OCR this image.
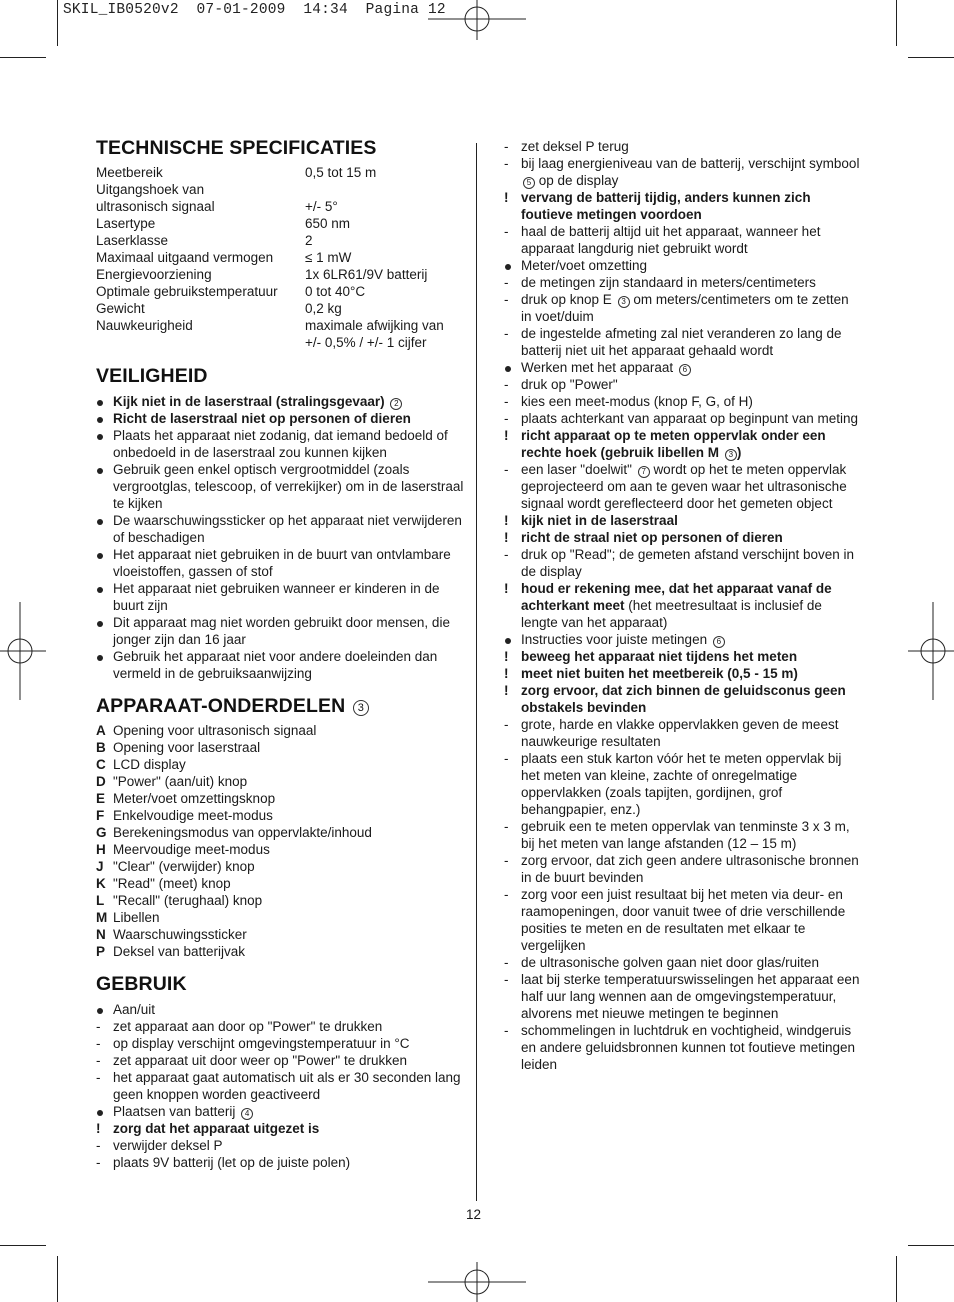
SKIL_IB0520v2  07-01-2009  14:34  Pagina 12
TECHNISCHE SPECIFICATIES
Meetbereik	0,5 tot 15 m
Uitgangshoek van
ultrasonisch signaal	+/- 5°
Lasertype	650 nm
Laserklasse	2
Maximaal uitgaand vermogen	≤ 1 mW
Energievoorziening	1x 6LR61/9V batterij
Optimale gebruikstemperatuur	0 tot 40°C
Gewicht	0,2 kg
Nauwkeurigheid	maximale afwijking van
+/- 0,5% / +/- 1 cijfer
VEILIGHEID
Kijk niet in de laserstraal (stralingsgevaar) 2
Richt de laserstraal niet op personen of dieren
Plaats het apparaat niet zodanig, dat iemand bedoeld of onbedoeld in de laserstraal zou kunnen kijken
Gebruik geen enkel optisch vergrootmiddel (zoals vergrootglas, telescoop, of verrekijker) om in de laserstraal te kijken
De waarschuwingssticker op het apparaat niet verwijderen of beschadigen
Het apparaat niet gebruiken in de buurt van ontvlambare vloeistoffen, gassen of stof
Het apparaat niet gebruiken wanneer er kinderen in de buurt zijn
Dit apparaat mag niet worden gebruikt door mensen, die jonger zijn dan 16 jaar
Gebruik het apparaat niet voor andere doeleinden dan vermeld in de gebruiksaanwijzing
APPARAAT-ONDERDELEN 3
A Opening voor ultrasonisch signaal
B Opening voor laserstraal
C LCD display
D "Power" (aan/uit) knop
E Meter/voet omzettingsknop
F Enkelvoudige meet-modus
G Berekeningsmodus van oppervlakte/inhoud
H Meervoudige meet-modus
J "Clear" (verwijder) knop
K "Read" (meet) knop
L "Recall" (terughaal) knop
M Libellen
N Waarschuwingssticker
P Deksel van batterijvak
GEBRUIK
Aan/uit
- zet apparaat aan door op "Power" te drukken
- op display verschijnt omgevingstemperatuur in °C
- zet apparaat uit door weer op "Power" te drukken
- het apparaat gaat automatisch uit als er 30 seconden lang geen knoppen worden geactiveerd
Plaatsen van batterij 4
! zorg dat het apparaat uitgezet is
- verwijder deksel P
- plaats 9V batterij (let op de juiste polen)
- zet deksel P terug
- bij laag energieniveau van de batterij, verschijnt symbool 5 op de display
! vervang de batterij tijdig, anders kunnen zich foutieve metingen voordoen
- haal de batterij altijd uit het apparaat, wanneer het apparaat langdurig niet gebruikt wordt
Meter/voet omzetting
- de metingen zijn standaard in meters/centimeters
- druk op knop E 3 om meters/centimeters om te zetten in voet/duim
- de ingestelde afmeting zal niet veranderen zo lang de batterij niet uit het apparaat gehaald wordt
Werken met het apparaat 6
- druk op "Power"
- kies een meet-modus (knop F, G, of H)
- plaats achterkant van apparaat op beginpunt van meting
! richt apparaat op te meten oppervlak onder een rechte hoek (gebruik libellen M 3 )
- een laser "doelwit" 7 wordt op het te meten oppervlak geprojecteerd om aan te geven waar het ultrasonische signaal wordt gereflecteerd door het gemeten object
! kijk niet in de laserstraal
! richt de straal niet op personen of dieren
- druk op "Read"; de gemeten afstand verschijnt boven in de display
! houd er rekening mee, dat het apparaat vanaf de achterkant meet (het meetresultaat is inclusief de lengte van het apparaat)
Instructies voor juiste metingen 6
! beweeg het apparaat niet tijdens het meten
! meet niet buiten het meetbereik (0,5 - 15 m)
! zorg ervoor, dat zich binnen de geluidsconus geen obstakels bevinden
- grote, harde en vlakke oppervlakken geven de meest nauwkeurige resultaten
- plaats een stuk karton vóór het te meten oppervlak bij het meten van kleine, zachte of onregelmatige oppervlakken (zoals tapijten, gordijnen, grof behangpapier, enz.)
- gebruik een te meten oppervlak van tenminste 3 x 3 m, bij het meten van lange afstanden (12 – 15 m)
- zorg ervoor, dat zich geen andere ultrasonische bronnen in de buurt bevinden
- zorg voor een juist resultaat bij het meten via deur- en raamopeningen, door vanuit twee of drie verschillende posities te meten en de resultaten met elkaar te vergelijken
- de ultrasonische golven gaan niet door glas/ruiten
- laat bij sterke temperatuurswisselingen het apparaat een half uur lang wennen aan de omgevingstemperatuur, alvorens met nieuwe metingen te beginnen
- schommelingen in luchtdruk en vochtigheid, windgeruis en andere geluidsbronnen kunnen tot foutieve metingen leiden
12
